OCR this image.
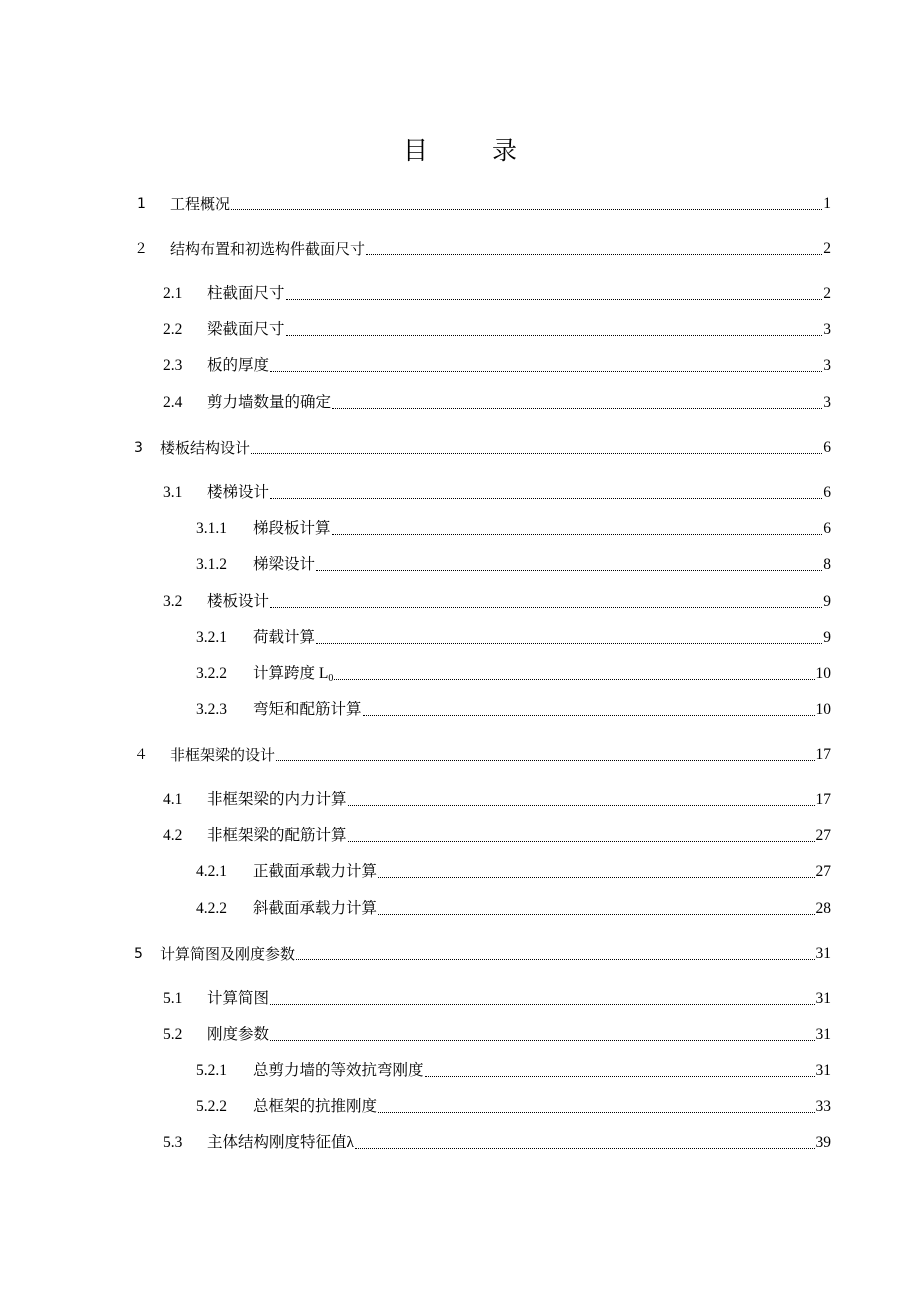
目	录
1	工程概况	1
２	结构布置和初选构件截面尺寸	2
2.1	柱截面尺寸	2
2.2	梁截面尺寸	3
2.3	板的厚度	3
2.4	剪力墙数量的确定	3
3	楼板结构设计	6
3.1	楼梯设计	6
3.1.1	梯段板计算	6
3.1.2	梯梁设计	8
3.2	楼板设计	9
3.2.1	荷载计算	9
3.2.2	计算跨度 $L_0$	10
3.2.3	弯矩和配筋计算	10
４	非框架梁的设计	17
4.1	非框架梁的内力计算	17
4.2	非框架梁的配筋计算	27
4.2.1	正截面承载力计算	27
4.2.2	斜截面承载力计算	28
5	计算简图及刚度参数	31
5.1	计算简图	31
5.2	刚度参数	31
5.2.1	总剪力墙的等效抗弯刚度	31
5.2.2	总框架的抗推刚度	33
5.3	主体结构刚度特征值λ	39
